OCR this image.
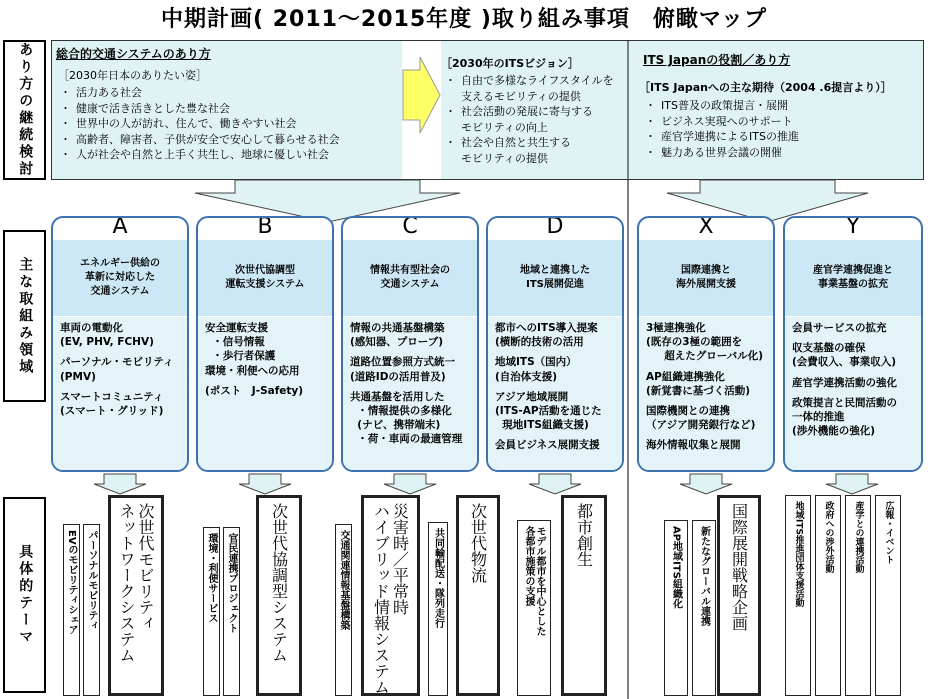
中期計画( 2011～2015年度 )取り組み事項　俯瞰マップ
あり方の継続検討
主な取組み領域
具体的テーマ
総合的交通システムのあり方
［2030年日本のありたい姿］
・ 活力ある社会
・ 健康で活き活きとした豊な社会
・ 世界中の人が訪れ、住んで、働きやすい社会
・ 高齢者、障害者、子供が安全で安心して暮らせる社会
・ 人が社会や自然と上手く共生し、地球に優しい社会
［2030年のITSビジョン］
・ 自由で多様なライフスタイルを
支えるモビリティの提供
・ 社会活動の発展に寄与する
モビリティの向上
・ 社会や自然と共生する
モビリティの提供
ITS Japanの役割／あり方
［ITS Japanへの主な期待（2004 .6提言より）］
・ ITS普及の政策提言・展開
・ ビジネス実現へのサポート
・ 産官学連携によるITSの推進
・ 魅力ある世界会議の開催
A
エネルギー供給の
革新に対応した
交通システム
車両の電動化
(EV, PHV, FCHV)
パーソナル・モビリティ
(PMV)
スマートコミュニティ
(スマート・グリッド)
B
次世代協調型
運転支援システム
安全運転支援
・信号情報
・歩行者保護
環境・利便への応用
(ポスト　J-Safety)
C
情報共有型社会の
交通システム
情報の共通基盤構築
(感知器、プローブ)
道路位置参照方式統一
(道路IDの活用普及)
共通基盤を活用した
・情報提供の多様化
(ナビ、携帯端末)
・荷・車両の最適管理
D
地域と連携した
ITS展開促進
都市へのITS導入提案
(横断的技術の活用
地域ITS（国内）
(自治体支援)
アジア地域展開
(ITS-AP活動を通じた
現地ITS組織支援)
会員ビジネス展開支援
X
国際連携と
海外展開支援
3極連携強化
(既存の3極の範囲を
超えたグローバル化)
AP組織連携強化
(新覚書に基づく活動)
国際機関との連携
（アジア開発銀行など)
海外情報収集と展開
Y
産官学連携促進と
事業基盤の拡充
会員サービスの拡充
収支基盤の確保
(会費収入、事業収入)
産官学連携活動の強化
政策提言と民間活動の
一体的推進
(渉外機能の強化)
EVのモビリティシェア パーソナルモビリティ	次世代モビリティ
ネットワークシステム	環境・利便サービス 官民連携プロジェクト 次世代協調型システム	交通関連情報基盤構築	災害時／平常時
ハイブリッド情報システム	共同輸配送・隊列走行 次世代物流	モデル都市を中心とした
各都市施策の支援	都市創生	AP地域ITS組織化 新たなグローバル連携 国際展開戦略企画	地域ITS推進団体支援活動 政府への渉外活動 産学との連携活動 広報・イベント
